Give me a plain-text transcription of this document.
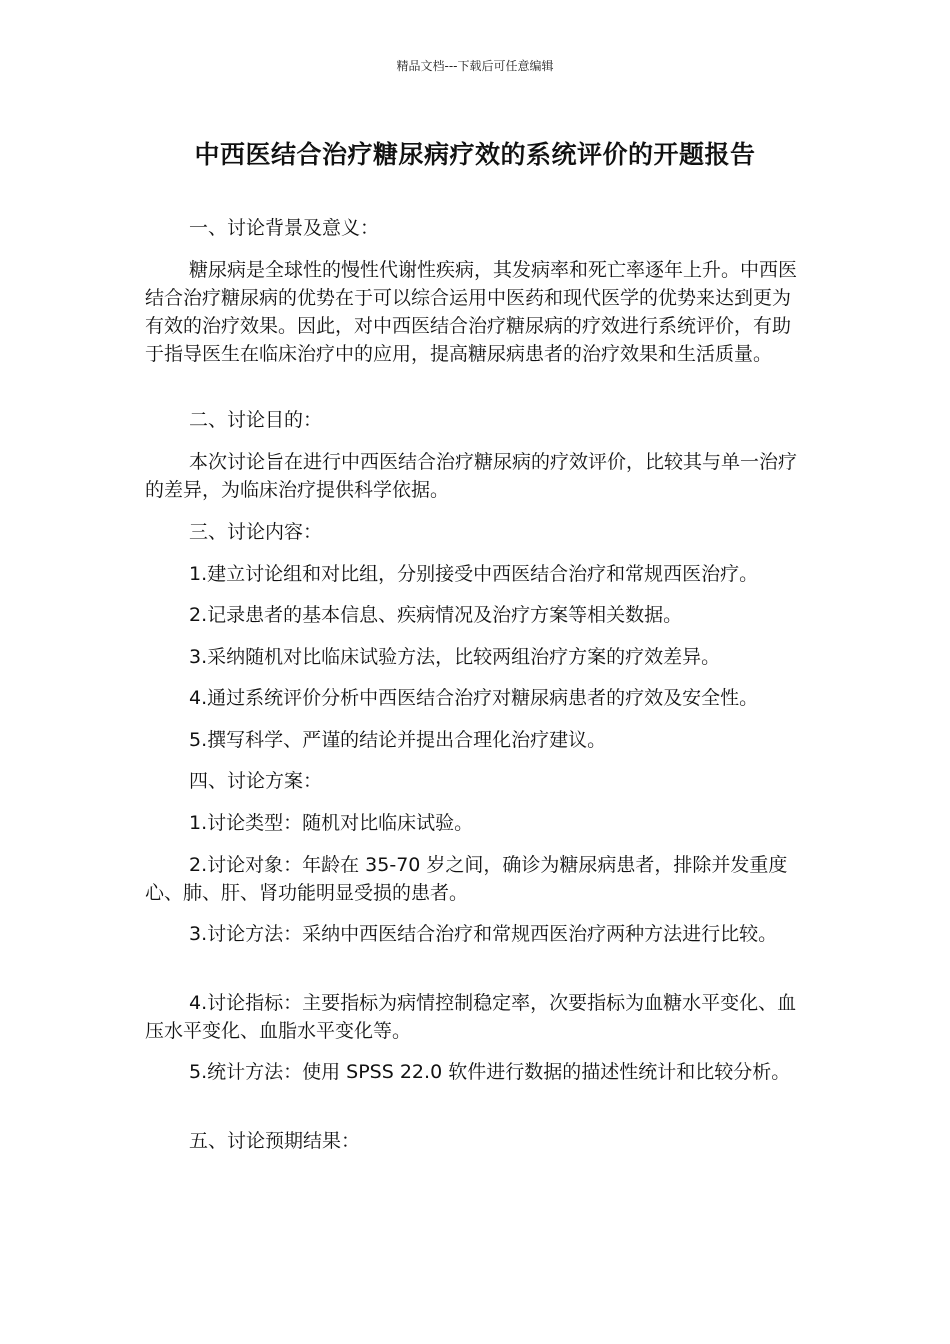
精品文档---下载后可任意编辑
中西医结合治疗糖尿病疗效的系统评价的开题报告

一、讨论背景及意义：

糖尿病是全球性的慢性代谢性疾病，其发病率和死亡率逐年上升。中西医结合治疗糖尿病的优势在于可以综合运用中医药和现代医学的优势来达到更为有效的治疗效果。因此，对中西医结合治疗糖尿病的疗效进行系统评价，有助于指导医生在临床治疗中的应用，提高糖尿病患者的治疗效果和生活质量。

二、讨论目的：

本次讨论旨在进行中西医结合治疗糖尿病的疗效评价，比较其与单一治疗的差异，为临床治疗提供科学依据。

三、讨论内容：

1.建立讨论组和对比组，分别接受中西医结合治疗和常规西医治疗。

2.记录患者的基本信息、疾病情况及治疗方案等相关数据。

3.采纳随机对比临床试验方法，比较两组治疗方案的疗效差异。

4.通过系统评价分析中西医结合治疗对糖尿病患者的疗效及安全性。

5.撰写科学、严谨的结论并提出合理化治疗建议。

四、讨论方案：

1.讨论类型：随机对比临床试验。

2.讨论对象：年龄在 35-70 岁之间，确诊为糖尿病患者，排除并发重度心、肺、肝、肾功能明显受损的患者。

3.讨论方法：采纳中西医结合治疗和常规西医治疗两种方法进行比较。

4.讨论指标：主要指标为病情控制稳定率，次要指标为血糖水平变化、血压水平变化、血脂水平变化等。

5.统计方法：使用 SPSS 22.0 软件进行数据的描述性统计和比较分析。

五、讨论预期结果：
